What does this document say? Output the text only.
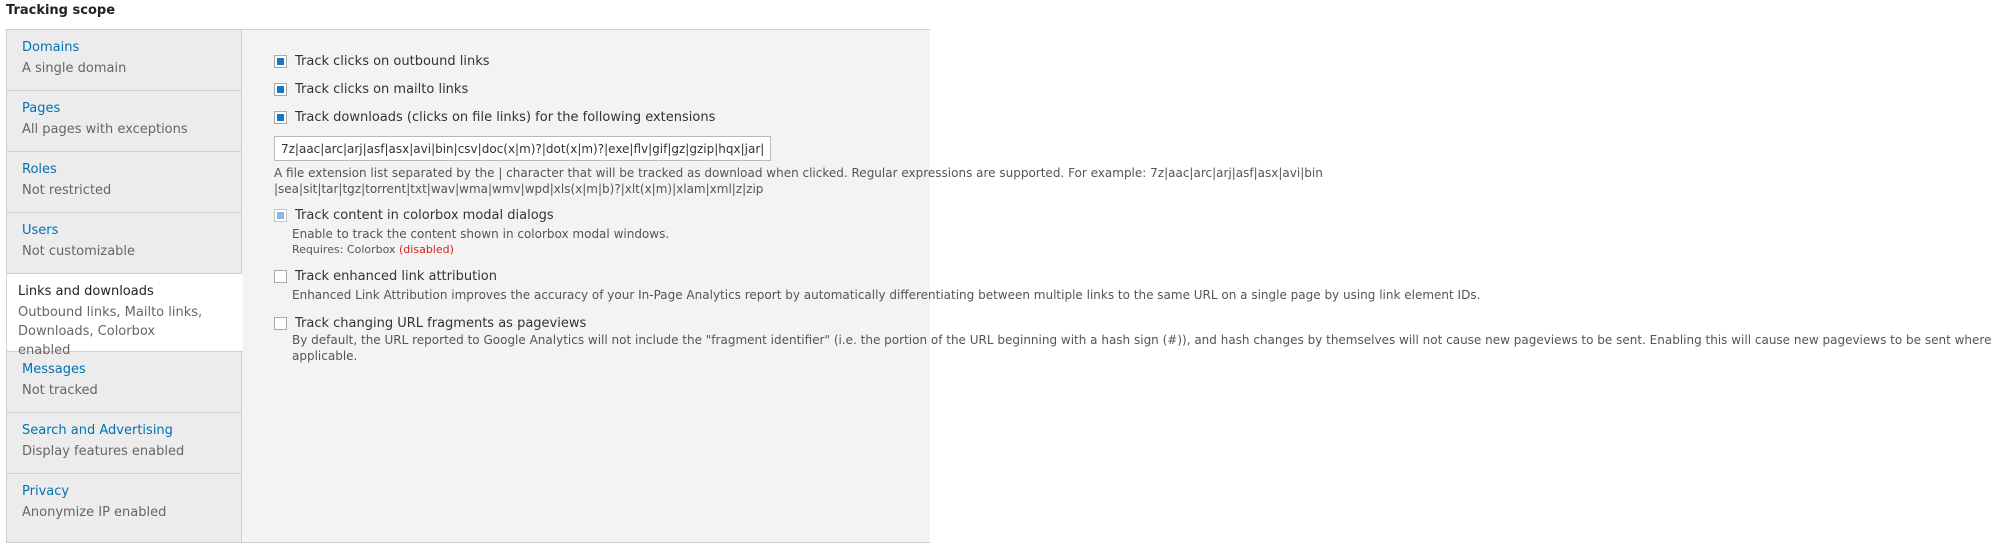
Tracking scope
Domains
A single domain
Pages
All pages with exceptions
Roles
Not restricted
Users
Not customizable
Links and downloads
Outbound links, Mailto links, Downloads, Colorbox enabled
Messages
Not tracked
Search and Advertising
Display features enabled
Privacy
Anonymize IP enabled
Track clicks on outbound links
Track clicks on mailto links
Track downloads (clicks on file links) for the following extensions
7z|aac|arc|arj|asf|asx|avi|bin|csv|doc(x|m)?|dot(x|m)?|exe|flv|gif|gz|gzip|hqx|jar|jpe?g|js|mp(2|3|4|e?g)|mov(ie)?|msi|msp|pdf|phps|png|ppt(x|m)?|pot(x|m)?|pps(x|m)?|ppam|sld(x|m)?|thmx|qtm?|ra(m|r)?|sea|sit|tar|tgz|torrent|txt|wav|wma|wmv|wpd|xls(x|m|b)?|xlt(x|m)|xlam|xml|z|zip
A file extension list separated by the | character that will be tracked as download when clicked. Regular expressions are supported. For example: 7z|aac|arc|arj|asf|asx|avi|bin
|sea|sit|tar|tgz|torrent|txt|wav|wma|wmv|wpd|xls(x|m|b)?|xlt(x|m)|xlam|xml|z|zip
Track content in colorbox modal dialogs
Enable to track the content shown in colorbox modal windows.
Requires: Colorbox (disabled)
Track enhanced link attribution
Enhanced Link Attribution improves the accuracy of your In-Page Analytics report by automatically differentiating between multiple links to the same URL on a single page by using link element IDs.
Track changing URL fragments as pageviews
By default, the URL reported to Google Analytics will not include the "fragment identifier" (i.e. the portion of the URL beginning with a hash sign (#)), and hash changes by themselves will not cause new pageviews to be sent. Enabling this will cause new pageviews to be sent where
applicable.
